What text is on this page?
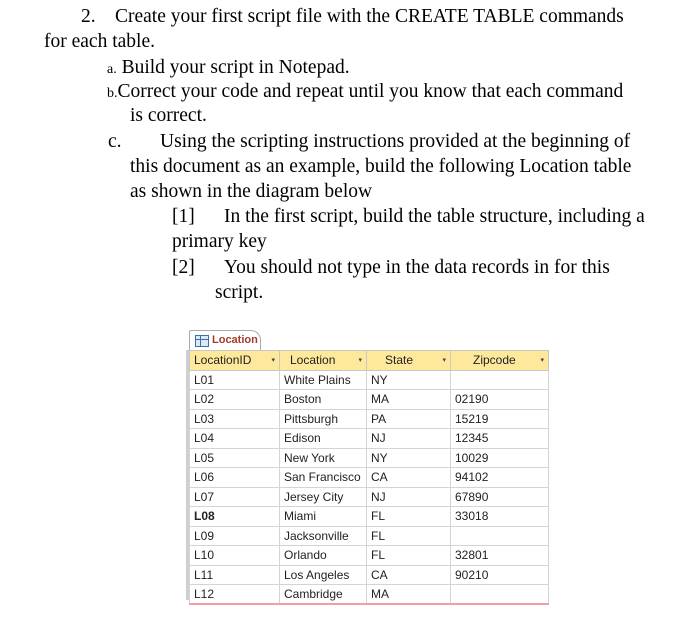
2. Create your first script file with the CREATE TABLE commands
for each table.
a. Build your script in Notepad.
b.Correct your code and repeat until you know that each command
is correct.
c. Using the scripting instructions provided at the beginning of
this document as an example, build the following Location table
as shown in the diagram below
[1] In the first script, build the table structure, including a
primary key
[2] You should not type in the data records in for this
script.
Location
LocationID ▾	Location ▾	State ▾	Zipcode ▾

L01	White Plains	NY	
L02	Boston	MA	02190
L03	Pittsburgh	PA	15219
L04	Edison	NJ	12345
L05	New York	NY	10029
L06	San Francisco	CA	94102
L07	Jersey City	NJ	67890
L08	Miami	FL	33018
L09	Jacksonville	FL	
L10	Orlando	FL	32801
L11	Los Angeles	CA	90210
L12	Cambridge	MA	
